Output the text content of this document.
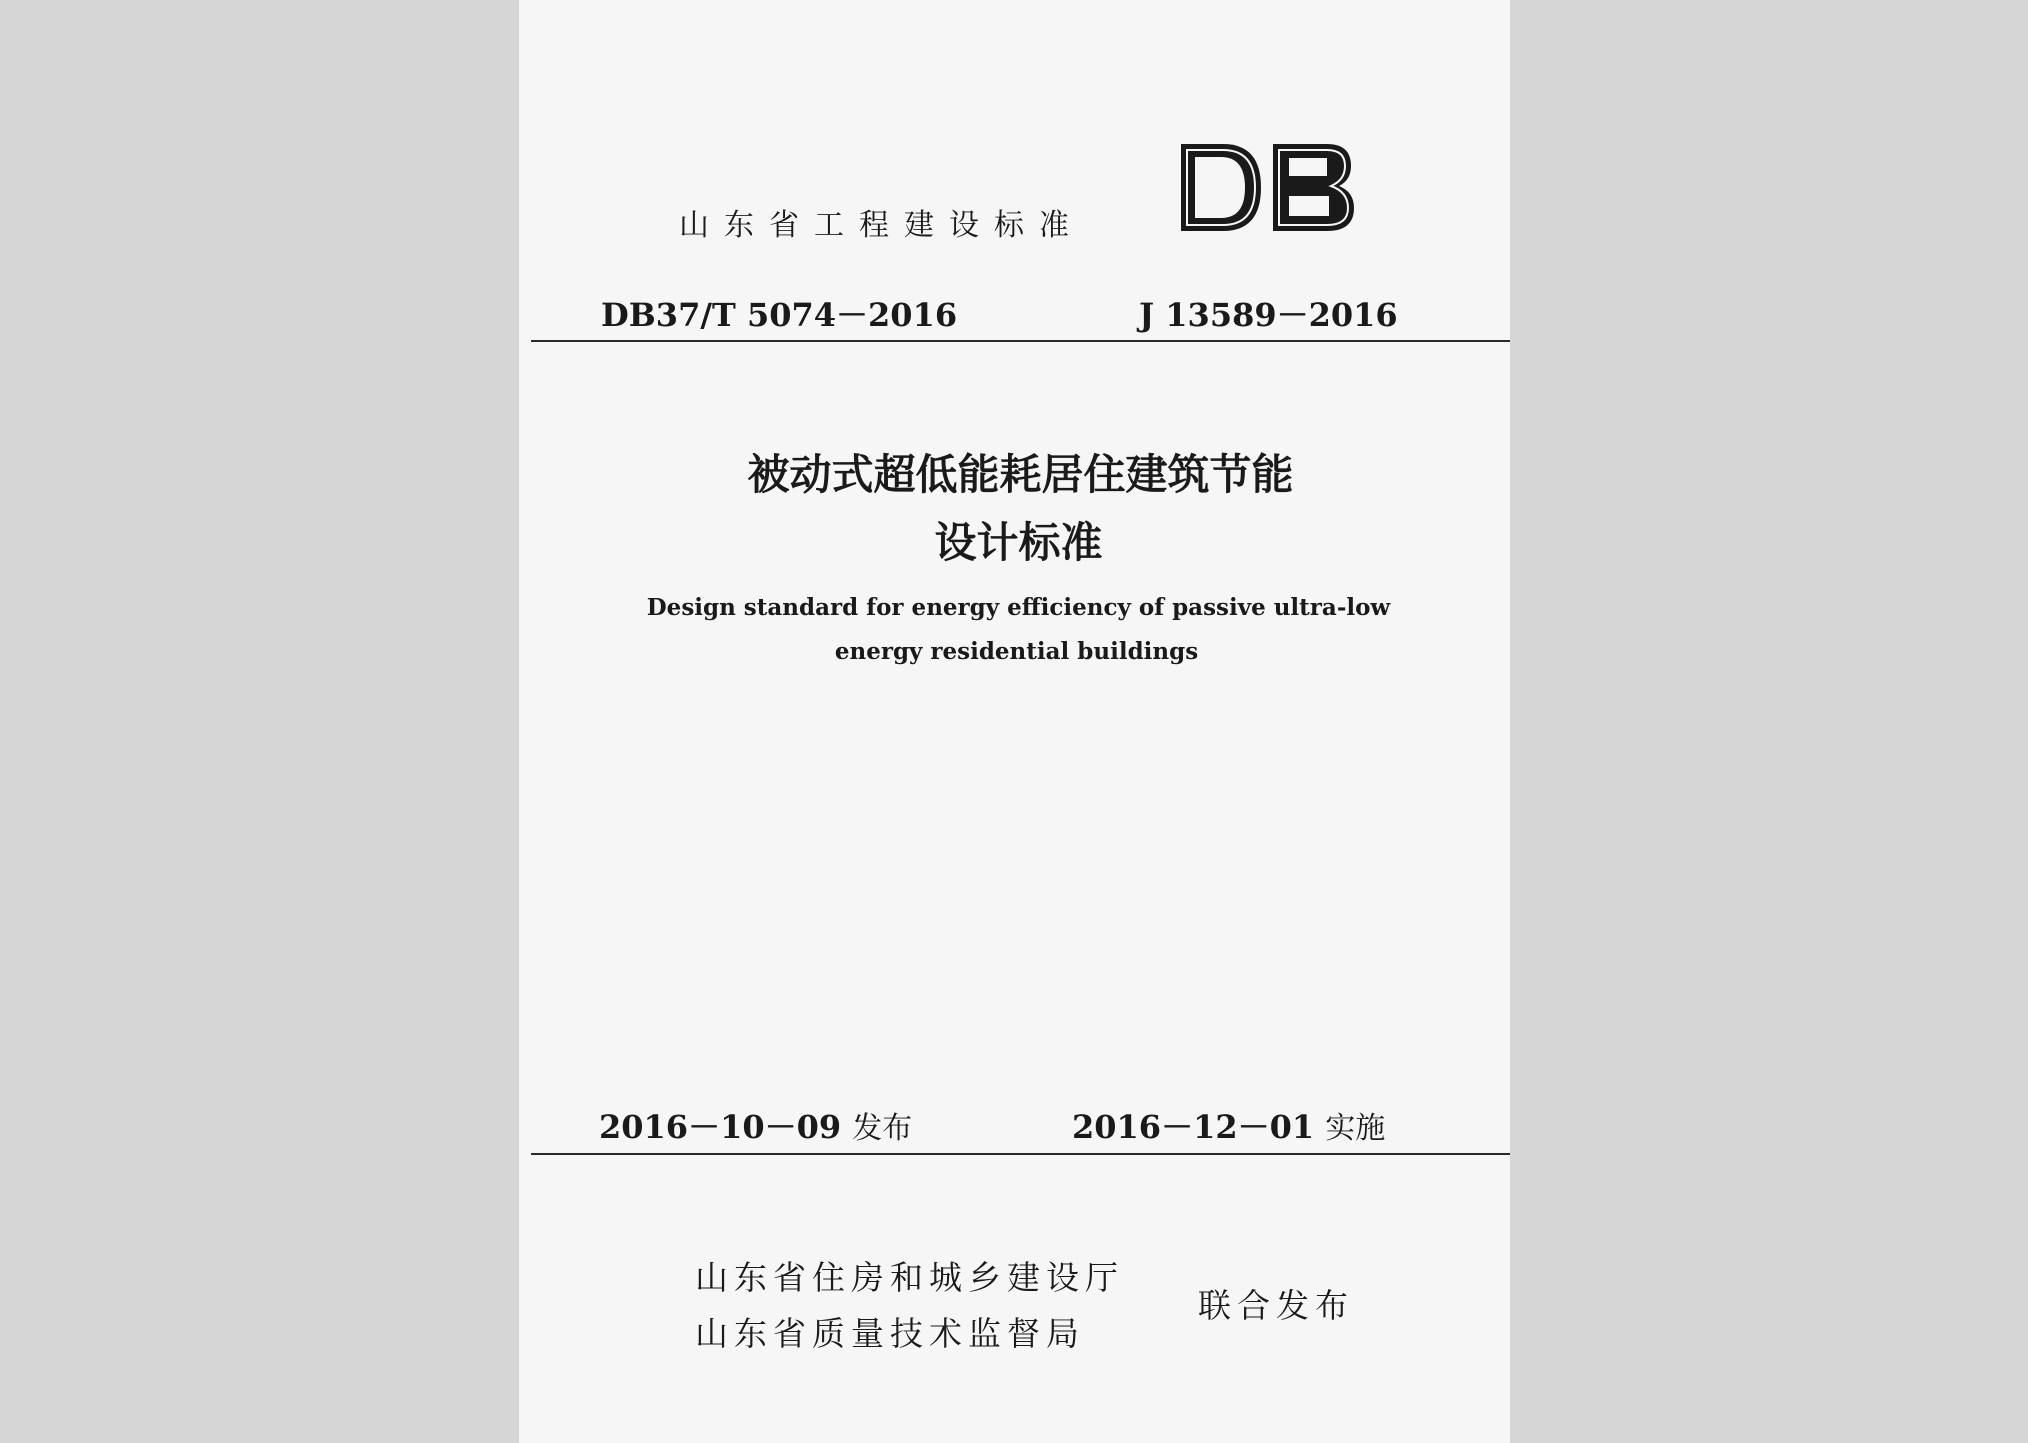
山东省工程建设标准
DB37/T 5074－2016	J 13589－2016
被动式超低能耗居住建筑节能
设计标准
Design standard for energy efficiency of passive ultra-low
energy residential buildings
2016－10－09 发布	2016－12－01 实施
山东省住房和城乡建设厅
山东省质量技术监督局
联合发布
